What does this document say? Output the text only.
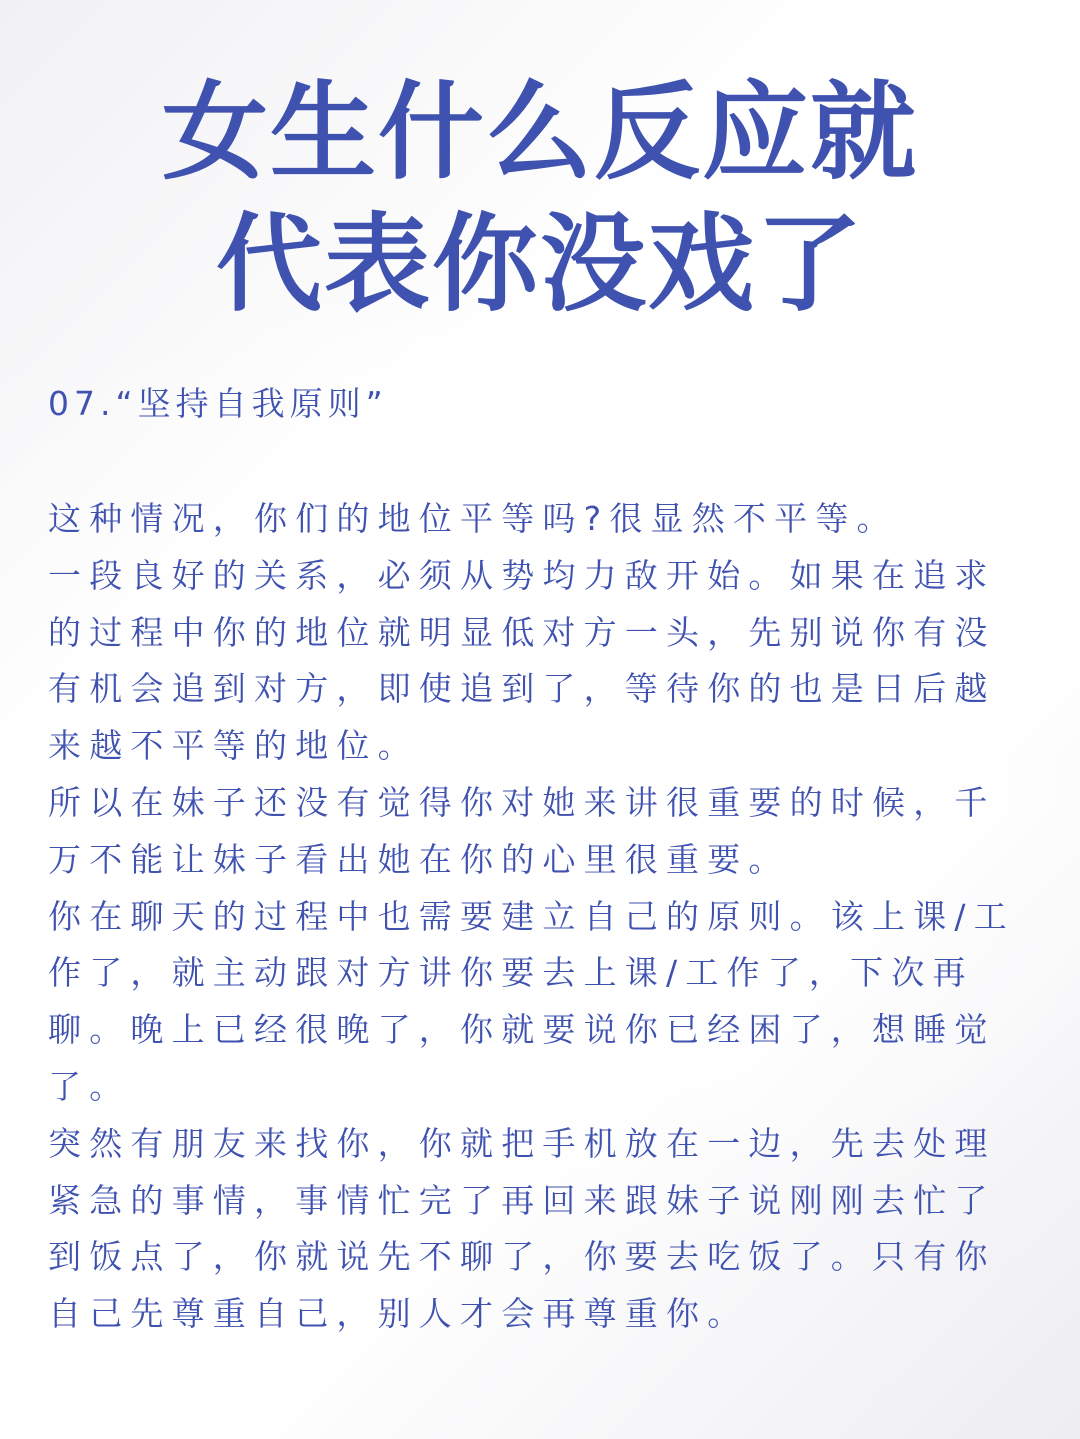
女生什么反应就
代表你没戏了

07.“坚持自我原则”

这种情况，你们的地位平等吗?很显然不平等。
一段良好的关系，必须从势均力敌开始。如果在追求
的过程中你的地位就明显低对方一头，先别说你有没
有机会追到对方，即使追到了，等待你的也是日后越
来越不平等的地位。
所以在妹子还没有觉得你对她来讲很重要的时候，千
万不能让妹子看出她在你的心里很重要。
你在聊天的过程中也需要建立自己的原则。该上课/工
作了，就主动跟对方讲你要去上课/工作了，下次再
聊。晚上已经很晚了，你就要说你已经困了，想睡觉
了。
突然有朋友来找你，你就把手机放在一边，先去处理
紧急的事情，事情忙完了再回来跟妹子说刚刚去忙了
到饭点了，你就说先不聊了，你要去吃饭了。只有你
自己先尊重自己，别人才会再尊重你。
